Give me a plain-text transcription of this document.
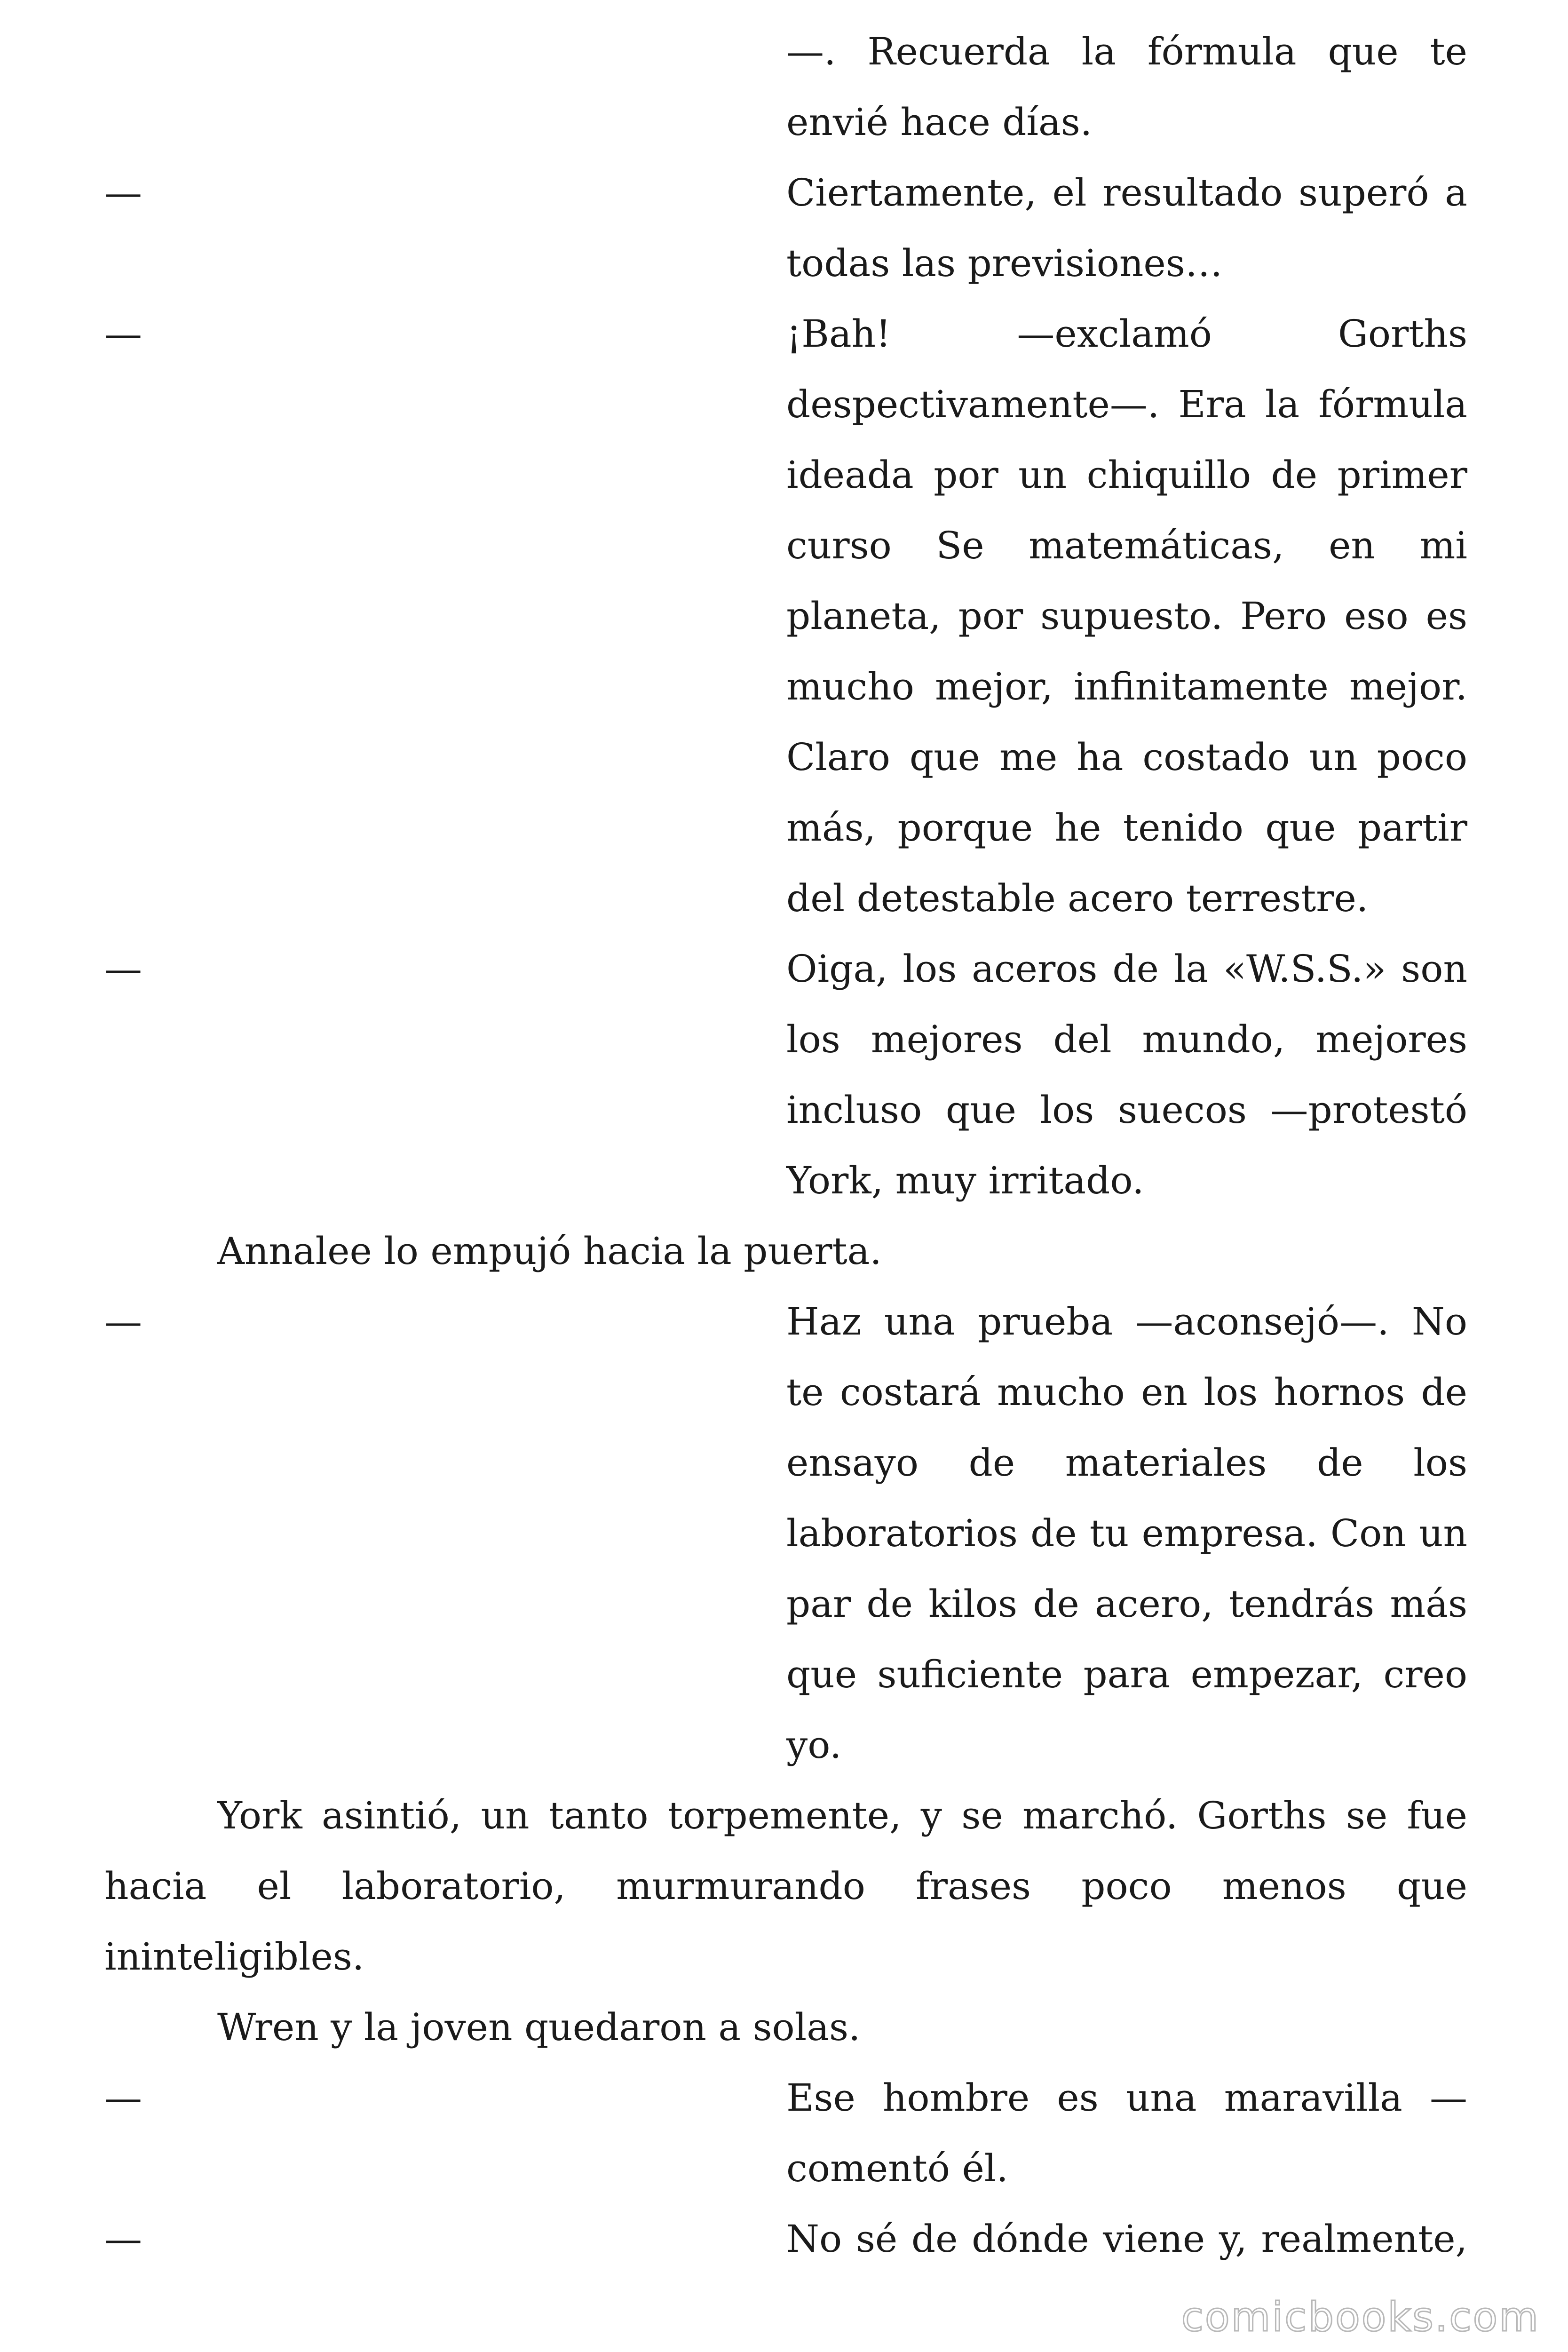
—. Recuerda la fórmula que te
envié hace días.
—	Ciertamente, el resultado superó a
todas las previsiones…
—	¡Bah! —exclamó Gorths
despectivamente—. Era la fórmula
ideada por un chiquillo de primer
curso Se matemáticas, en mi
planeta, por supuesto. Pero eso es
mucho mejor, infinitamente mejor.
Claro que me ha costado un poco
más, porque he tenido que partir
del detestable acero terrestre.
—	Oiga, los aceros de la «W.S.S.» son
los mejores del mundo, mejores
incluso que los suecos —protestó
York, muy irritado.
Annalee lo empujó hacia la puerta.
—	Haz una prueba —aconsejó—. No
te costará mucho en los hornos de
ensayo de materiales de los
laboratorios de tu empresa. Con un
par de kilos de acero, tendrás más
que suficiente para empezar, creo
yo.
York asintió, un tanto torpemente, y se marchó. Gorths se fue
hacia el laboratorio, murmurando frases poco menos que
ininteligibles.
Wren y la joven quedaron a solas.
—	Ese hombre es una maravilla —
comentó él.
—	No sé de dónde viene y, realmente,
comicbooks.com
